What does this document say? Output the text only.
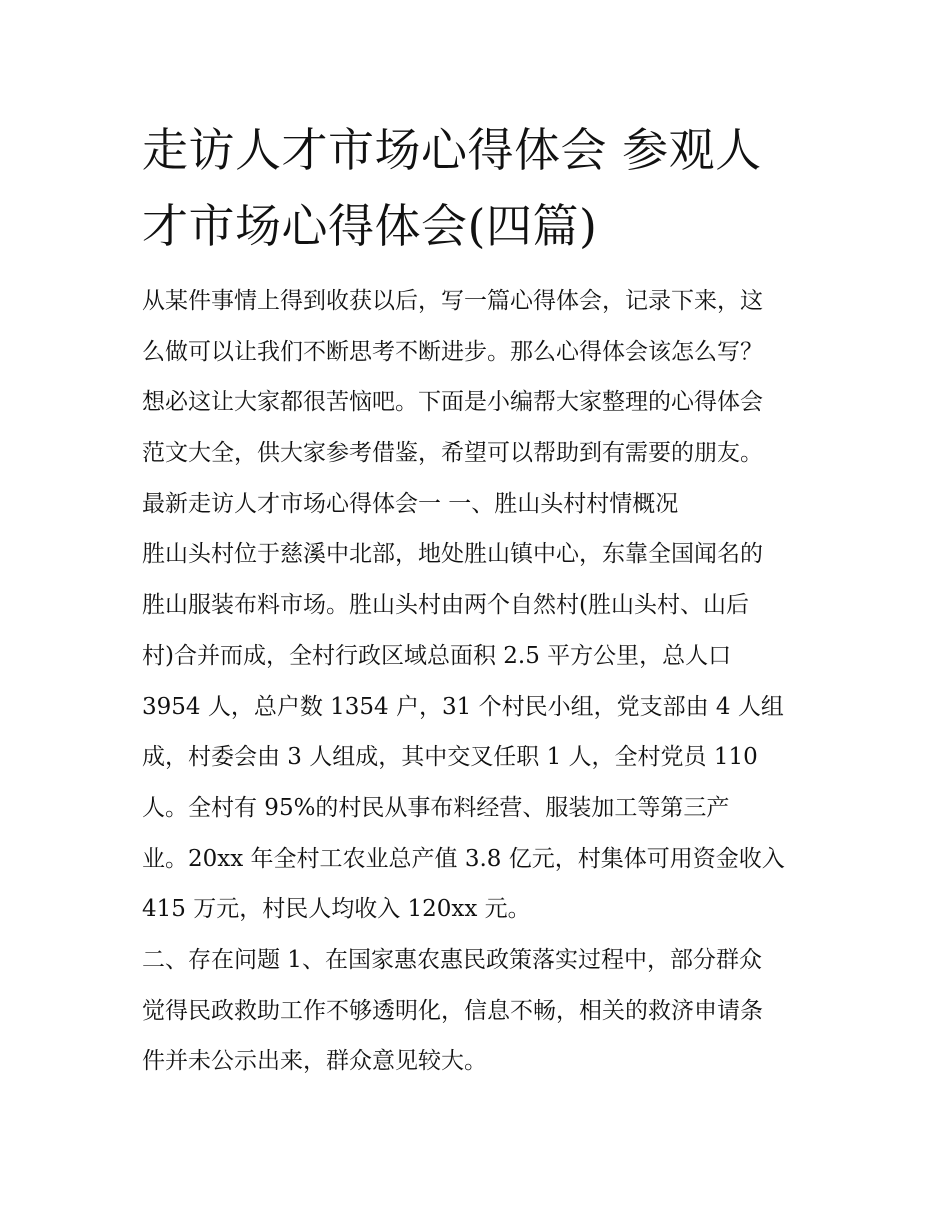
走访人才市场心得体会 参观人
才市场心得体会(四篇)
从某件事情上得到收获以后，写一篇心得体会，记录下来，这
么做可以让我们不断思考不断进步。那么心得体会该怎么写？
想必这让大家都很苦恼吧。下面是小编帮大家整理的心得体会
范文大全，供大家参考借鉴，希望可以帮助到有需要的朋友。
最新走访人才市场心得体会一 一、胜山头村村情概况
胜山头村位于慈溪中北部，地处胜山镇中心，东靠全国闻名的
胜山服装布料市场。胜山头村由两个自然村(胜山头村、山后
村)合并而成，全村行政区域总面积 2.5 平方公里，总人口
3954 人，总户数 1354 户，31 个村民小组，党支部由 4 人组
成，村委会由 3 人组成，其中交叉任职 1 人，全村党员 110
人。全村有 95%的村民从事布料经营、服装加工等第三产
业。20xx 年全村工农业总产值 3.8 亿元，村集体可用资金收入
415 万元，村民人均收入 120xx 元。
二、存在问题 1、在国家惠农惠民政策落实过程中，部分群众
觉得民政救助工作不够透明化，信息不畅，相关的救济申请条
件并未公示出来，群众意见较大。
